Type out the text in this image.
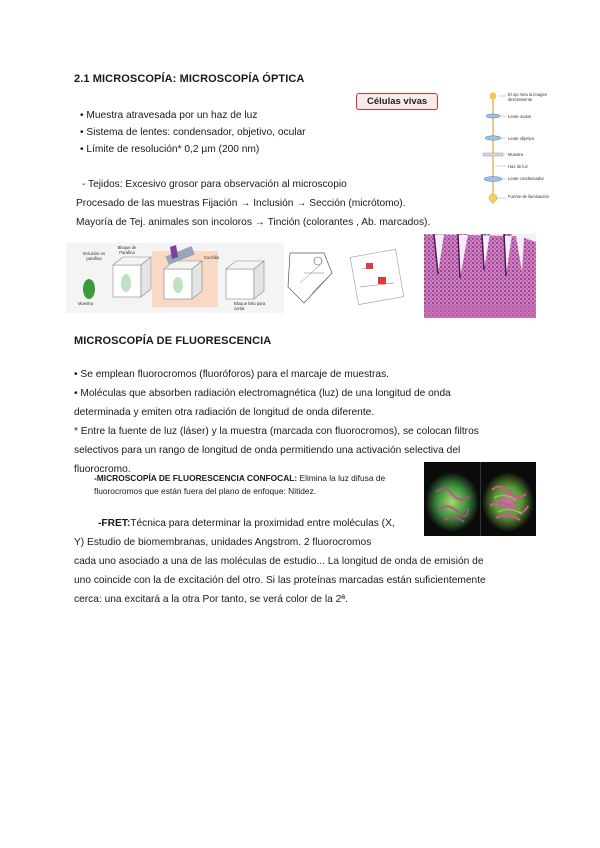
2.1 MICROSCOPÍA: MICROSCOPÍA ÓPTICA

• Muestra atravesada por un haz de luz

• Sistema de lentes: condensador, objetivo, ocular

• Límite de resolución* 0,2 µm (200 nm)

Células vivas
El ojo mira la imagen directamente
Lente ocular
Lente objetivo
Muestra
Haz de luz
Lente condensador
Fuente de iluminación

- Tejidos: Excesivo grosor para observación al microscopio

Procesado de las muestras Fijación → Inclusión → Sección (micrótomo).

Mayoría de Tej. animales son incoloros → Tinción (colorantes , Ab. marcados).

Inclusión en parafina
Bloque de Parafina
Cuchilla
Muestra	Bloque listo para cortar
MICROSCOPÍA DE FLUORESCENCIA

• Se emplean fluorocromos (fluoróforos) para el marcaje de muestras.

• Moléculas que absorben radiación electromagnética (luz) de una longitud de onda

determinada y emiten otra radiación de longitud de onda diferente.

* Entre la fuente de luz (láser) y la muestra (marcada con fluorocromos), se colocan filtros

selectivos para un rango de longitud de onda permitiendo una activación selectiva del

fluorocromo.

-MICROSCOPÍA DE FLUORESCENCIA CONFOCAL: Elimina la luz difusa de
fluorocromos que están fuera del plano de enfoque: Nitidez.

-FRET:Técnica para determinar la proximidad entre moléculas (X,

Y) Estudio de biomembranas, unidades Angstrom. 2 fluorocromos

cada uno asociado a una de las moléculas de estudio... La longitud de onda de emisión de

uno coincide con la de excitación del otro. Si las proteínas marcadas están suficientemente

cerca: una excitará a la otra Por tanto, se verá color de la 2ª.
